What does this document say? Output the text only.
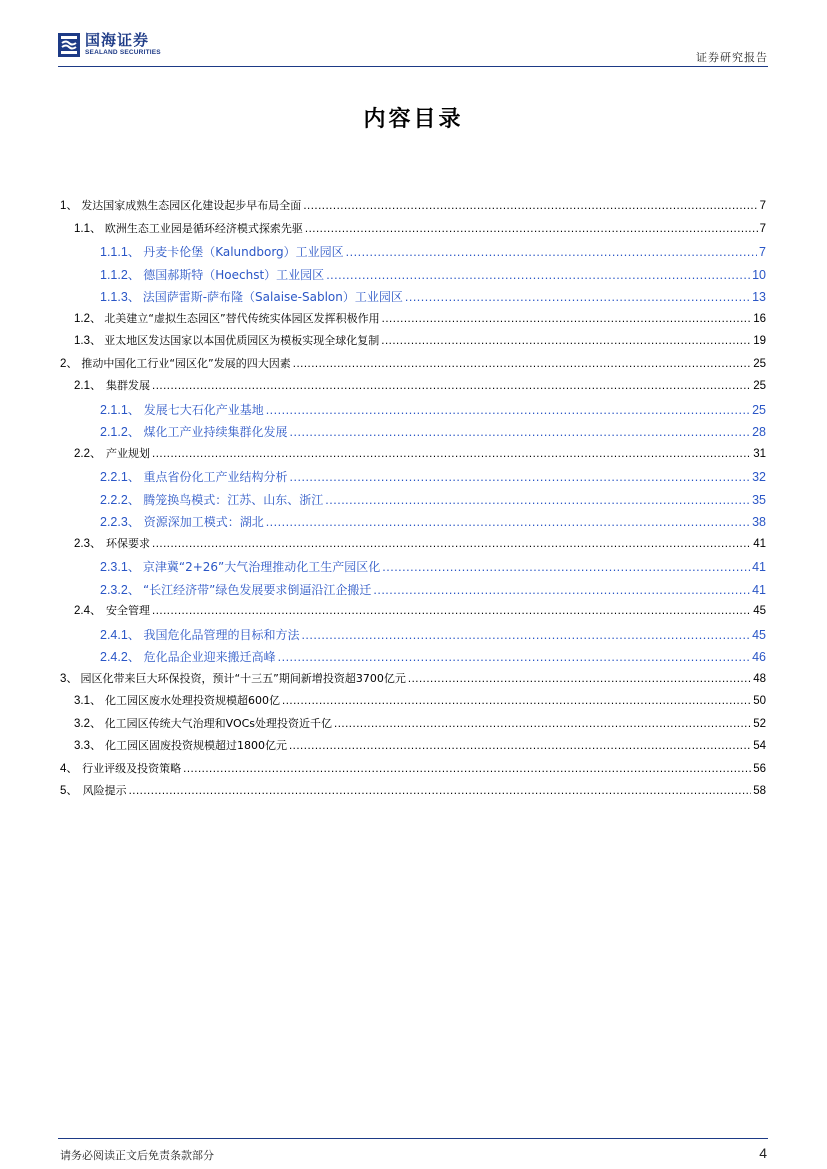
国海证券
SEALAND SECURITIES	证券研究报告
内容目录
1、 发达国家成熟生态园区化建设起步早布局全面 .....	7
1.1、 欧洲生态工业园是循环经济模式探索先驱 .....	7
1.1.1、 丹麦卡伦堡（Kalundborg）工业园区 .....	7
1.1.2、 德国郝斯特（Hoechst）工业园区 .....	10
1.1.3、 法国萨雷斯-萨布隆（Salaise-Sablon）工业园区 .....	13
1.2、 北美建立“虚拟生态园区”替代传统实体园区发挥积极作用 .....	16
1.3、 亚太地区发达国家以本国优质园区为模板实现全球化复制 .....	19
2、 推动中国化工行业“园区化”发展的四大因素 .....	25
2.1、 集群发展 .....	25
2.1.1、 发展七大石化产业基地 .....	25
2.1.2、 煤化工产业持续集群化发展 .....	28
2.2、 产业规划 .....	31
2.2.1、 重点省份化工产业结构分析 .....	32
2.2.2、 腾笼换鸟模式：江苏、山东、浙江 .....	35
2.2.3、 资源深加工模式：湖北 .....	38
2.3、 环保要求 .....	41
2.3.1、 京津冀“2+26”大气治理推动化工生产园区化 .....	41
2.3.2、 “长江经济带”绿色发展要求倒逼沿江企搬迁 .....	41
2.4、 安全管理 .....	45
2.4.1、 我国危化品管理的目标和方法 .....	45
2.4.2、 危化品企业迎来搬迁高峰 .....	46
3、 园区化带来巨大环保投资，预计“十三五”期间新增投资超3700亿元 .....	48
3.1、 化工园区废水处理投资规模超600亿 .....	50
3.2、 化工园区传统大气治理和VOCs处理投资近千亿 .....	52
3.3、 化工园区固废投资规模超过1800亿元 .....	54
4、 行业评级及投资策略 .....	56
5、 风险提示 .....	58
请务必阅读正文后免责条款部分	4
